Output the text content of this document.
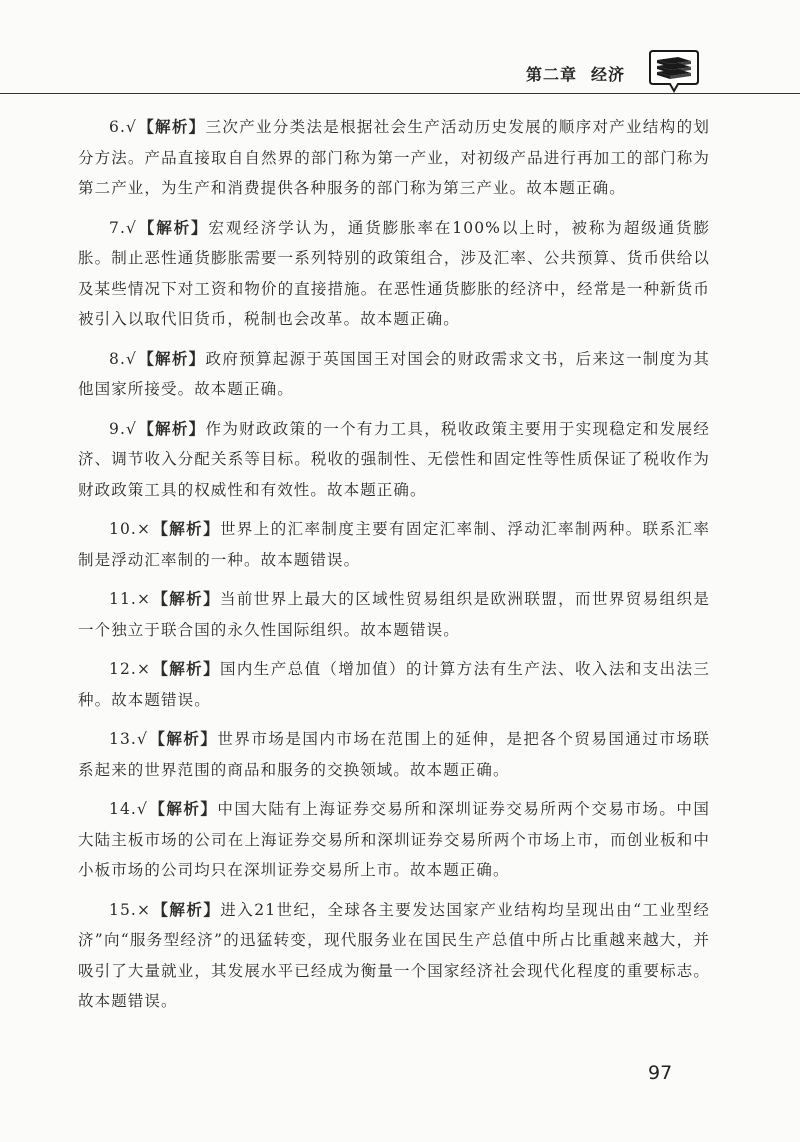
第二章 经济

6.√【解析】三次产业分类法是根据社会生产活动历史发展的顺序对产业结构的划分方法。产品直接取自自然界的部门称为第一产业，对初级产品进行再加工的部门称为第二产业，为生产和消费提供各种服务的部门称为第三产业。故本题正确。

7.√【解析】宏观经济学认为，通货膨胀率在100%以上时，被称为超级通货膨胀。制止恶性通货膨胀需要一系列特别的政策组合，涉及汇率、公共预算、货币供给以及某些情况下对工资和物价的直接措施。在恶性通货膨胀的经济中，经常是一种新货币被引入以取代旧货币，税制也会改革。故本题正确。

8.√【解析】政府预算起源于英国国王对国会的财政需求文书，后来这一制度为其他国家所接受。故本题正确。

9.√【解析】作为财政政策的一个有力工具，税收政策主要用于实现稳定和发展经济、调节收入分配关系等目标。税收的强制性、无偿性和固定性等性质保证了税收作为财政政策工具的权威性和有效性。故本题正确。

10.×【解析】世界上的汇率制度主要有固定汇率制、浮动汇率制两种。联系汇率制是浮动汇率制的一种。故本题错误。

11.×【解析】当前世界上最大的区域性贸易组织是欧洲联盟，而世界贸易组织是一个独立于联合国的永久性国际组织。故本题错误。

12.×【解析】国内生产总值（增加值）的计算方法有生产法、收入法和支出法三种。故本题错误。

13.√【解析】世界市场是国内市场在范围上的延伸，是把各个贸易国通过市场联系起来的世界范围的商品和服务的交换领域。故本题正确。

14.√【解析】中国大陆有上海证券交易所和深圳证券交易所两个交易市场。中国大陆主板市场的公司在上海证券交易所和深圳证券交易所两个市场上市，而创业板和中小板市场的公司均只在深圳证券交易所上市。故本题正确。

15.×【解析】进入21世纪，全球各主要发达国家产业结构均呈现出由“工业型经济”向“服务型经济”的迅猛转变，现代服务业在国民生产总值中所占比重越来越大，并吸引了大量就业，其发展水平已经成为衡量一个国家经济社会现代化程度的重要标志。故本题错误。

97
